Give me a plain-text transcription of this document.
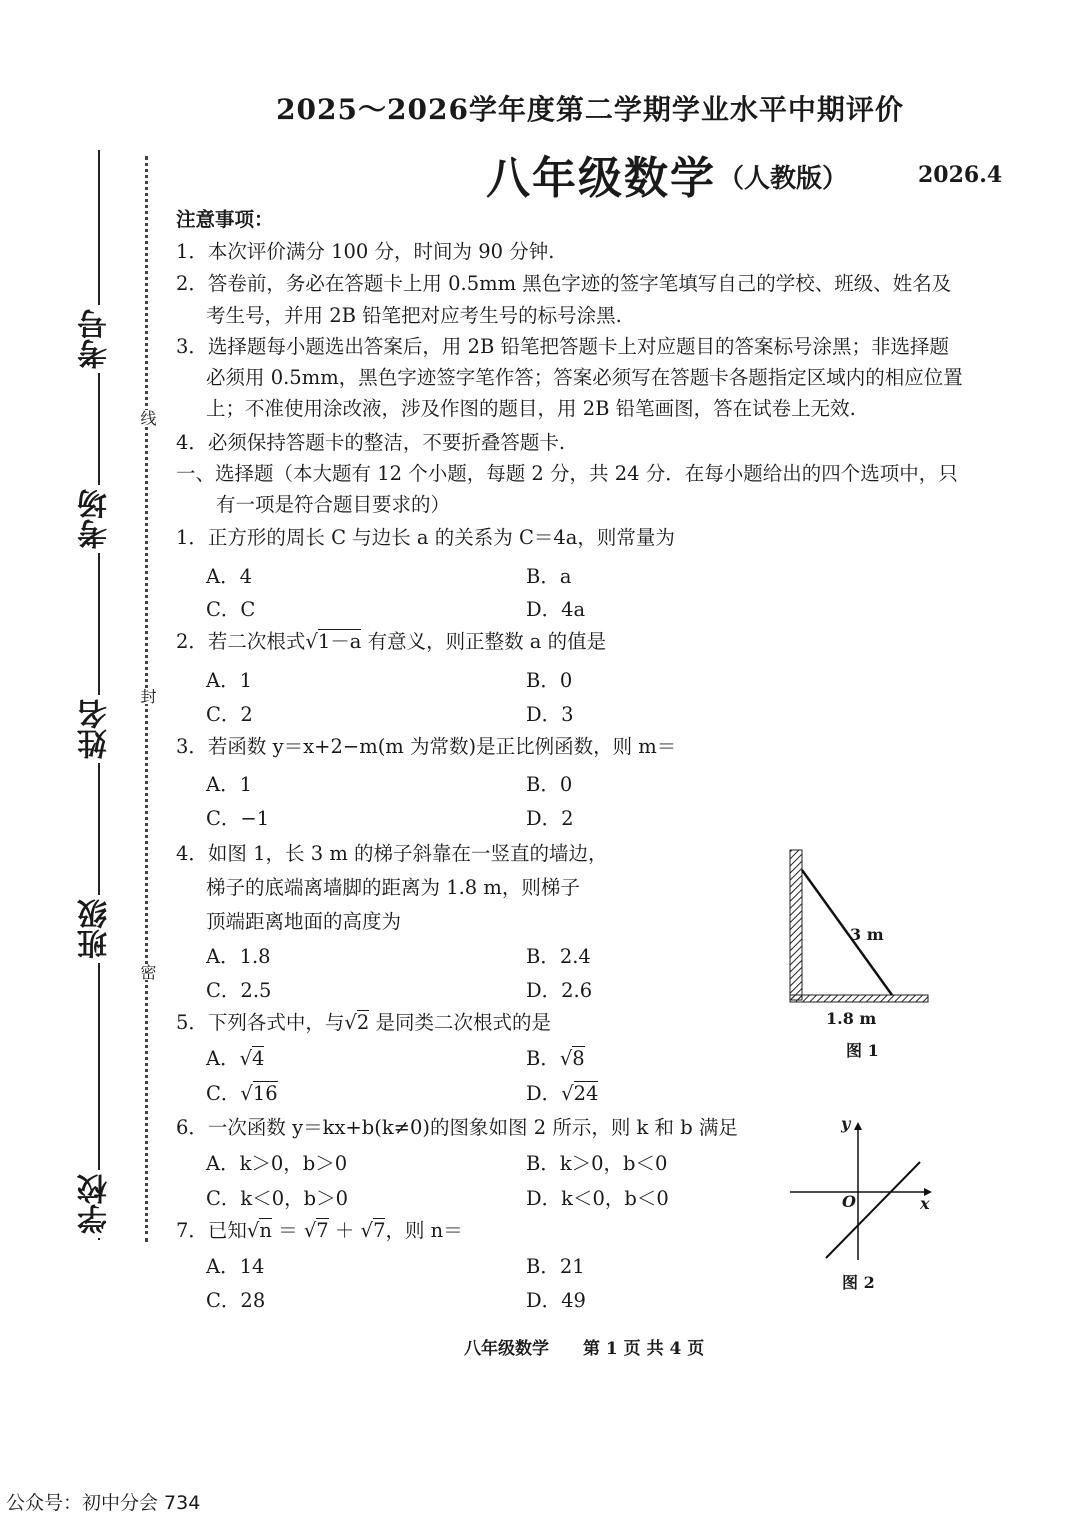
2025～2026学年度第二学期学业水平中期评价
八年级数学 （人教版）	2026.4
考号
考场
姓名
班级
学校
线
封
密
注意事项：
1．本次评价满分 100 分，时间为 90 分钟.
2．答卷前，务必在答题卡上用 0.5mm 黑色字迹的签字笔填写自己的学校、班级、姓名及
考生号，并用 2B 铅笔把对应考生号的标号涂黑.
3．选择题每小题选出答案后，用 2B 铅笔把答题卡上对应题目的答案标号涂黑；非选择题
必须用 0.5mm，黑色字迹签字笔作答；答案必须写在答题卡各题指定区域内的相应位置
上；不准使用涂改液，涉及作图的题目，用 2B 铅笔画图，答在试卷上无效.
4．必须保持答题卡的整洁，不要折叠答题卡.
一、选择题（本大题有 12 个小题，每题 2 分，共 24 分．在每小题给出的四个选项中，只
有一项是符合题目要求的）
1．正方形的周长 C 与边长 a 的关系为 C＝4a，则常量为
A．4	B．a
C．C	D．4a
2．若二次根式√1－a 有意义，则正整数 a 的值是
A．1	B．0
C．2	D．3
3．若函数 y＝x+2−m(m 为常数)是正比例函数，则 m＝
A．1	B．0
C．−1	D．2
4．如图 1，长 3 m 的梯子斜靠在一竖直的墙边，
梯子的底端离墙脚的距离为 1.8 m，则梯子
顶端距离地面的高度为
A．1.8	B．2.4
C．2.5	D．2.6
5．下列各式中，与√2 是同类二次根式的是
A．√4	B．√8
C．√16	D．√24
6．一次函数 y＝kx+b(k≠0)的图象如图 2 所示，则 k 和 b 满足
A．k＞0，b＞0	B．k＞0，b＜0
C．k＜0，b＞0	D．k＜0，b＜0
7．已知√n ＝ √7 ＋ √7，则 n＝
A．14	B．21
C．28	D．49
3 m
1.8 m
图 1
y
x
O
图 2
八年级数学　　第 1 页 共 4 页
公众号：初中分会 734
